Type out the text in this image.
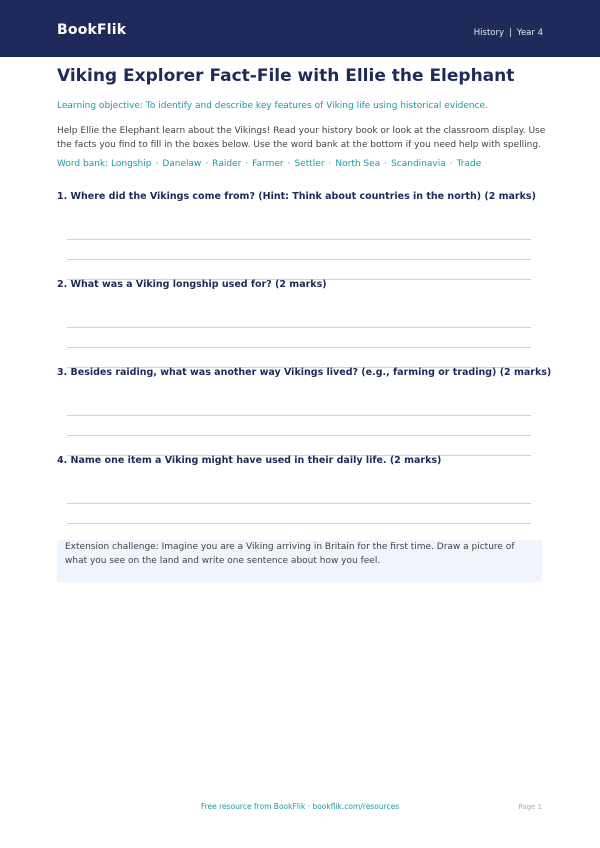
BookFlik	History | Year 4
Viking Explorer Fact-File with Ellie the Elephant
Learning objective: To identify and describe key features of Viking life using historical evidence.
Help Ellie the Elephant learn about the Vikings! Read your history book or look at the classroom display. Use the facts you find to fill in the boxes below. Use the word bank at the bottom if you need help with spelling.
Word bank: Longship · Danelaw · Raider · Farmer · Settler · North Sea · Scandinavia · Trade
1. Where did the Vikings come from? (Hint: Think about countries in the north) (2 marks)
2. What was a Viking longship used for? (2 marks)
3. Besides raiding, what was another way Vikings lived? (e.g., farming or trading) (2 marks)
4. Name one item a Viking might have used in their daily life. (2 marks)
Extension challenge: Imagine you are a Viking arriving in Britain for the first time. Draw a picture of what you see on the land and write one sentence about how you feel.
Free resource from BookFlik · bookflik.com/resources	Page 1
